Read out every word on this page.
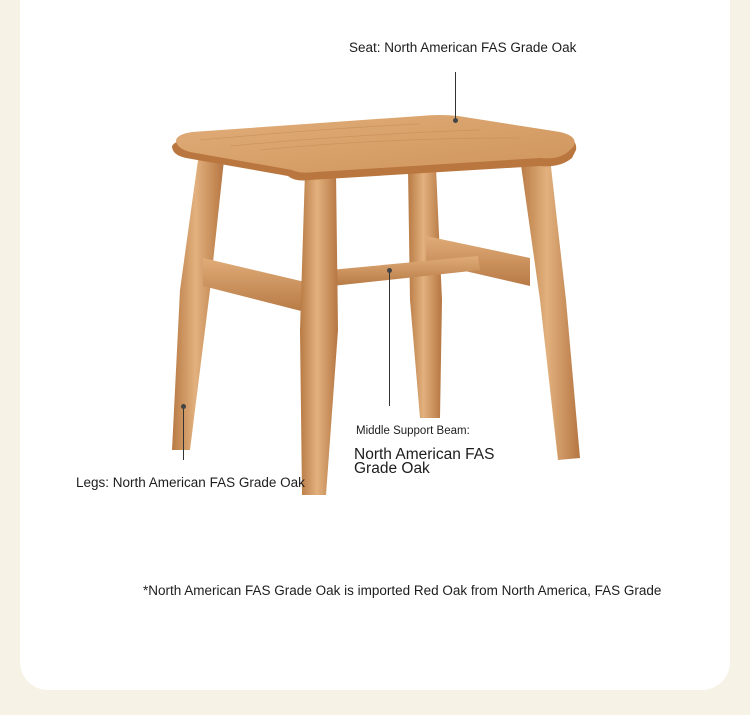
Seat: North American FAS Grade Oak
Legs: North American FAS Grade Oak
Middle Support Beam:
North American FAS Grade Oak
*North American FAS Grade Oak is imported Red Oak from North America, FAS Grade
